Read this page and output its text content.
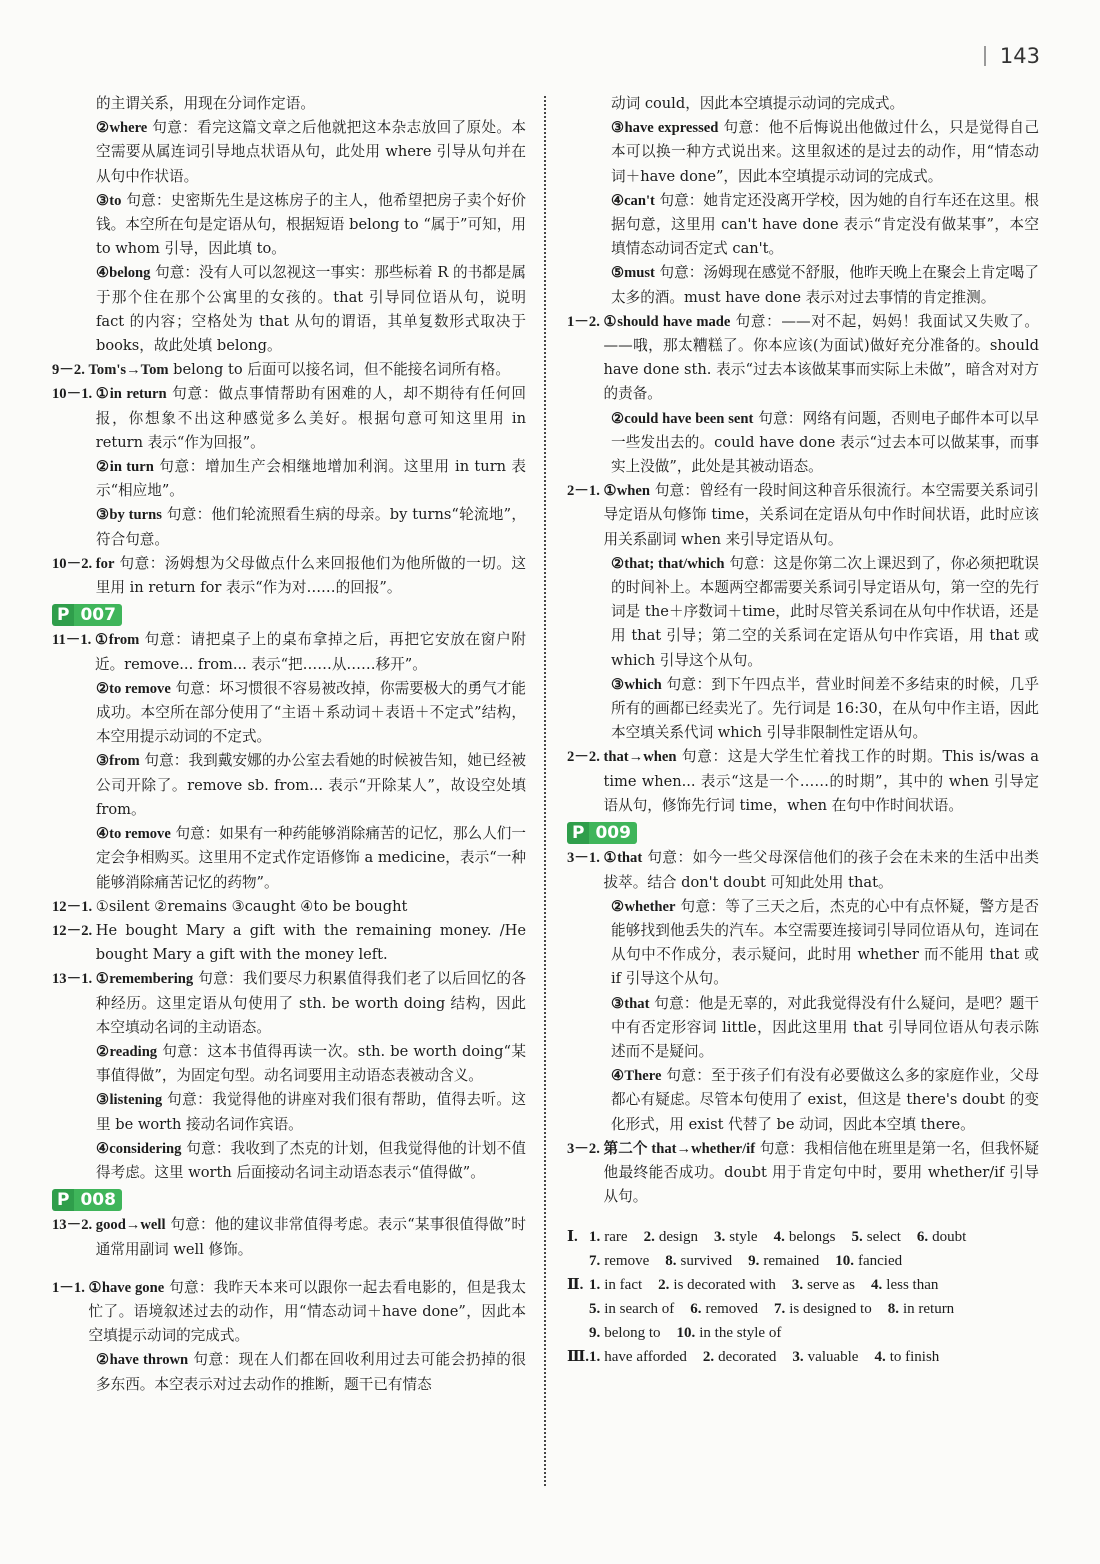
143
的主谓关系，用现在分词作定语。
②where 句意：看完这篇文章之后他就把这本杂志放回了原处。本空需要从属连词引导地点状语从句，此处用 where 引导从句并在从句中作状语。
③to 句意：史密斯先生是这栋房子的主人，他希望把房子卖个好价钱。本空所在句是定语从句，根据短语 belong to “属于”可知，用 to whom 引导，因此填 to。
④belong 句意：没有人可以忽视这一事实：那些标着 R 的书都是属于那个住在那个公寓里的女孩的。that 引导同位语从句，说明 fact 的内容；空格处为 that 从句的谓语，其单复数形式取决于 books，故此处填 belong。
9－2. Tom's→Tom belong to 后面可以接名词，但不能接名词所有格。
10－1. ①in return 句意：做点事情帮助有困难的人，却不期待有任何回报，你想象不出这种感觉多么美好。根据句意可知这里用 in return 表示“作为回报”。
②in turn 句意：增加生产会相继地增加利润。这里用 in turn 表示“相应地”。
③by turns 句意：他们轮流照看生病的母亲。by turns“轮流地”，符合句意。
10－2. for 句意：汤姆想为父母做点什么来回报他们为他所做的一切。这里用 in return for 表示“作为对……的回报”。
P 007
11－1. ①from 句意：请把桌子上的桌布拿掉之后，再把它安放在窗户附近。remove... from... 表示“把……从……移开”。
②to remove 句意：坏习惯很不容易被改掉，你需要极大的勇气才能成功。本空所在部分使用了“主语＋系动词＋表语＋不定式”结构，本空用提示动词的不定式。
③from 句意：我到戴安娜的办公室去看她的时候被告知，她已经被公司开除了。remove sb. from... 表示“开除某人”，故设空处填 from。
④to remove 句意：如果有一种药能够消除痛苦的记忆，那么人们一定会争相购买。这里用不定式作定语修饰 a medicine，表示“一种能够消除痛苦记忆的药物”。
12－1. ①silent ②remains ③caught ④to be bought
12－2. He bought Mary a gift with the remaining money. /He bought Mary a gift with the money left.
13－1. ①remembering 句意：我们要尽力积累值得我们老了以后回忆的各种经历。这里定语从句使用了 sth. be worth doing 结构，因此本空填动名词的主动语态。
②reading 句意：这本书值得再读一次。sth. be worth doing“某事值得做”，为固定句型。动名词要用主动语态表被动含义。
③listening 句意：我觉得他的讲座对我们很有帮助，值得去听。这里 be worth 接动名词作宾语。
④considering 句意：我收到了杰克的计划，但我觉得他的计划不值得考虑。这里 worth 后面接动名词主动语态表示“值得做”。
P 008
13－2. good→well 句意：他的建议非常值得考虑。表示“某事很值得做”时通常用副词 well 修饰。
1－1. ①have gone 句意：我昨天本来可以跟你一起去看电影的，但是我太忙了。语境叙述过去的动作，用“情态动词＋have done”，因此本空填提示动词的完成式。
②have thrown 句意：现在人们都在回收利用过去可能会扔掉的很多东西。本空表示对过去动作的推断，题干已有情态
动词 could，因此本空填提示动词的完成式。
③have expressed 句意：他不后悔说出他做过什么，只是觉得自己本可以换一种方式说出来。这里叙述的是过去的动作，用“情态动词＋have done”，因此本空填提示动词的完成式。
④can't 句意：她肯定还没离开学校，因为她的自行车还在这里。根据句意，这里用 can't have done 表示“肯定没有做某事”，本空填情态动词否定式 can't。
⑤must 句意：汤姆现在感觉不舒服，他昨天晚上在聚会上肯定喝了太多的酒。must have done 表示对过去事情的肯定推测。
1－2. ①should have made 句意：——对不起，妈妈！我面试又失败了。——哦，那太糟糕了。你本应该(为面试)做好充分准备的。should have done sth. 表示“过去本该做某事而实际上未做”，暗含对对方的责备。
②could have been sent 句意：网络有问题，否则电子邮件本可以早一些发出去的。could have done 表示“过去本可以做某事，而事实上没做”，此处是其被动语态。
2－1. ①when 句意：曾经有一段时间这种音乐很流行。本空需要关系词引导定语从句修饰 time，关系词在定语从句中作时间状语，此时应该用关系副词 when 来引导定语从句。
②that; that/which 句意：这是你第二次上课迟到了，你必须把耽误的时间补上。本题两空都需要关系词引导定语从句，第一空的先行词是 the＋序数词＋time，此时尽管关系词在从句中作状语，还是用 that 引导；第二空的关系词在定语从句中作宾语，用 that 或 which 引导这个从句。
③which 句意：到下午四点半，营业时间差不多结束的时候，几乎所有的画都已经卖光了。先行词是 16:30，在从句中作主语，因此本空填关系代词 which 引导非限制性定语从句。
2－2. that→when 句意：这是大学生忙着找工作的时期。This is/was a time when... 表示“这是一个……的时期”，其中的 when 引导定语从句，修饰先行词 time，when 在句中作时间状语。
P 009
3－1. ①that 句意：如今一些父母深信他们的孩子会在未来的生活中出类拔萃。结合 don't doubt 可知此处用 that。
②whether 句意：等了三天之后，杰克的心中有点怀疑，警方是否能够找到他丢失的汽车。本空需要连接词引导同位语从句，连词在从句中不作成分，表示疑问，此时用 whether 而不能用 that 或 if 引导这个从句。
③that 句意：他是无辜的，对此我觉得没有什么疑问，是吧？题干中有否定形容词 little，因此这里用 that 引导同位语从句表示陈述而不是疑问。
④There 句意：至于孩子们有没有必要做这么多的家庭作业，父母都心有疑虑。尽管本句使用了 exist，但这是 there's doubt 的变化形式，用 exist 代替了 be 动词，因此本空填 there。
3－2. 第二个 that→whether/if 句意：我相信他在班里是第一名，但我怀疑他最终能否成功。doubt 用于肯定句中时，要用 whether/if 引导从句。
Ⅰ. 1. rare 2. design 3. style 4. belongs 5. select 6. doubt
7. remove 8. survived 9. remained 10. fancied
Ⅱ. 1. in fact 2. is decorated with 3. serve as 4. less than
5. in search of 6. removed 7. is designed to 8. in return
9. belong to 10. in the style of
Ⅲ. 1. have afforded 2. decorated 3. valuable 4. to finish
